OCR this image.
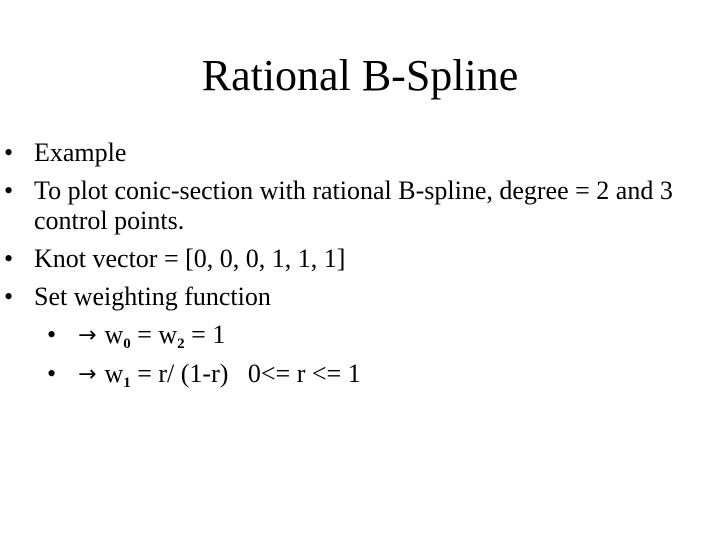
Rational B-Spline
• Example
• To plot conic-section with rational B-spline, degree = 2 and 3 control points.
• Knot vector = [0, 0, 0, 1, 1, 1]
• Set weighting function
• → $w_0 = w_2 = 1$
• → $w_1 = r/$ (1-r)   0<= r <= 1
